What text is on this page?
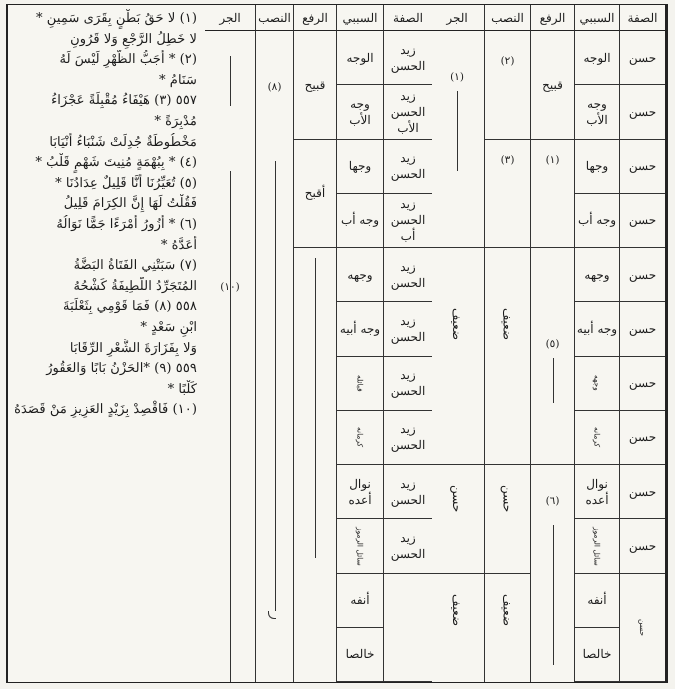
(١) لا حَقُ بَطْنٍ بِقَرَى سَمِينِ *
لا خَطِلُ الرَّجْعِ وَلا قَرُونِ
(٢) * أَجَبُّ الظَّهْرِ لَيْسَ لَهُ
سَنَامُ *
٥٥٧ (٣) هَيْفَاءُ مُقْبِلَةً عَجْزَاءُ
مُدْبِرَةً *
مَخْطُوطَةٌ جُدِلَتْ شَنْبَاءُ أَنْيَابَا
(٤) * بِبُهْمَةٍ مُنِيتَ شَهْمٍ قَلْبُ *
(٥) تُعَيِّرُنَا أَنَّا قَلِيلٌ عِدَادُنَا *
فَقُلْتُ لَهَا إِنَّ الكِرَامَ قَلِيلُ
(٦) * أَزُورُ أَمْرَءًا جَمًّا نَوَالُهُ
أَعَدَّهُ *
(٧) سَبَتْنِي الفَتَاةُ البَضَّةُ
المُتَجَرِّدُ اللَّطِيفَةُ كَشْحُهُ
٥٥٨ (٨) فَمَا قَوْمِي بِثَعْلَبَةَ
ابْنِ سَعْدٍ *
وَلا بِفَزَارَةَ الشُّعْرِ الرِّقَابَا
٥٥٩ (٩) *الحَزْنُ بَابًا وَالعَقُورُ
كَلْبًا *
(١٠) فَاقْصِدْ بِزَيْدٍ العَزِيزِ مَنْ قَصَدَهُ
الصفة
السببي
الرفع
النصب
الجر
زيد الحسن
زيد الحسن الأب
زيد الحسن
زيد الحسن أب
زيد الحسن
زيد الحسن
زيد الحسن
زيد الحسن
زيد الحسن
زيد الحسن
الوجه
وجه الأب
وجها
وجه أب
وجهه
وجه أبيه
قبائله
كرمانه
نوال أعده
سائل الرموز
أنفه
خالصا
قبيح
أقبح
(٨)
(١٠)
الصفة
السببي
الرفع
النصب
الجر
حسن
حسن
حسن
حسن
حسن
حسن
حسن
حسن
حسن
حسن
حسن
الوجه
وجه الأب
وجها
وجه أب
وجهه
وجه أبيه
وجهه
كرمانه
نوال أعده
سائل الرموز
أنفه
خالصا
قبيح
(١)
(٥)
(٦)
(٢)
(٣)
ضعيف
حسن
ضعيف
(١)
ضعيف
حسن
ضعيف
